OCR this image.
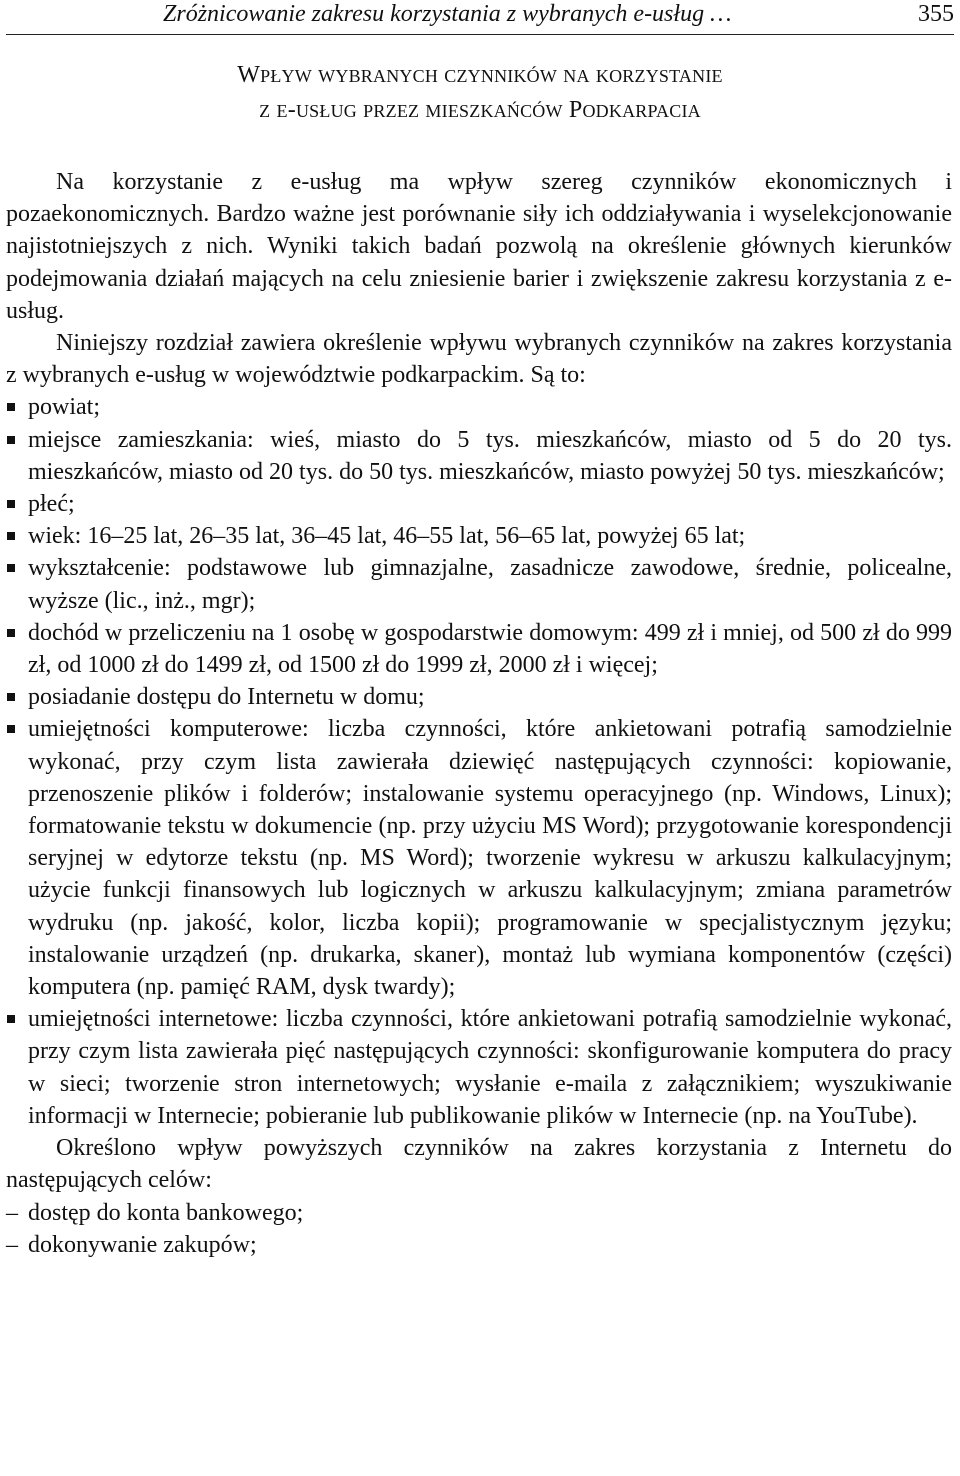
Zróżnicowanie zakresu korzystania z wybranych e-usług …	355
WPŁYW WYBRANYCH CZYNNIKÓW NA KORZYSTANIE
Z E-USŁUG PRZEZ MIESZKAŃCÓW PODKARPACIA

Na korzystanie z e-usług ma wpływ szereg czynników ekonomicznych i pozaekonomicznych. Bardzo ważne jest porównanie siły ich oddziaływania i wyselekcjonowanie najistotniejszych z nich. Wyniki takich badań pozwolą na określenie głównych kierunków podejmowania działań mających na celu zniesienie barier i zwiększenie zakresu korzystania z e-usług.

Niniejszy rozdział zawiera określenie wpływu wybranych czynników na zakres korzystania z wybranych e-usług w województwie podkarpackim. Są to:

powiat;
miejsce zamieszkania: wieś, miasto do 5 tys. mieszkańców, miasto od 5 do 20 tys. mieszkańców, miasto od 20 tys. do 50 tys. mieszkańców, miasto powyżej 50 tys. mieszkańców;
płeć;
wiek: 16–25 lat, 26–35 lat, 36–45 lat, 46–55 lat, 56–65 lat, powyżej 65 lat;
wykształcenie: podstawowe lub gimnazjalne, zasadnicze zawodowe, średnie, policealne, wyższe (lic., inż., mgr);
dochód w przeliczeniu na 1 osobę w gospodarstwie domowym: 499 zł i mniej, od 500 zł do 999 zł, od 1000 zł do 1499 zł, od 1500 zł do 1999 zł, 2000 zł i więcej;
posiadanie dostępu do Internetu w domu;
umiejętności komputerowe: liczba czynności, które ankietowani potrafią samodzielnie wykonać, przy czym lista zawierała dziewięć następujących czynności: kopiowanie, przenoszenie plików i folderów; instalowanie systemu operacyjnego (np. Windows, Linux); formatowanie tekstu w dokumencie (np. przy użyciu MS Word); przygotowanie korespondencji seryjnej w edytorze tekstu (np. MS Word); tworzenie wykresu w arkuszu kalkulacyjnym; użycie funkcji finansowych lub logicznych w arkuszu kalkulacyjnym; zmiana parametrów wydruku (np. jakość, kolor, liczba kopii); programowanie w specjalistycznym języku; instalowanie urządzeń (np. drukarka, skaner), montaż lub wymiana komponentów (części) komputera (np. pamięć RAM, dysk twardy);
umiejętności internetowe: liczba czynności, które ankietowani potrafią samodzielnie wykonać, przy czym lista zawierała pięć następujących czynności: skonfigurowanie komputera do pracy w sieci; tworzenie stron internetowych; wysłanie e-maila z załącznikiem; wyszukiwanie informacji w Internecie; pobieranie lub publikowanie plików w Internecie (np. na YouTube).

Określono wpływ powyższych czynników na zakres korzystania z Internetu do następujących celów:

– dostęp do konta bankowego;
– dokonywanie zakupów;
